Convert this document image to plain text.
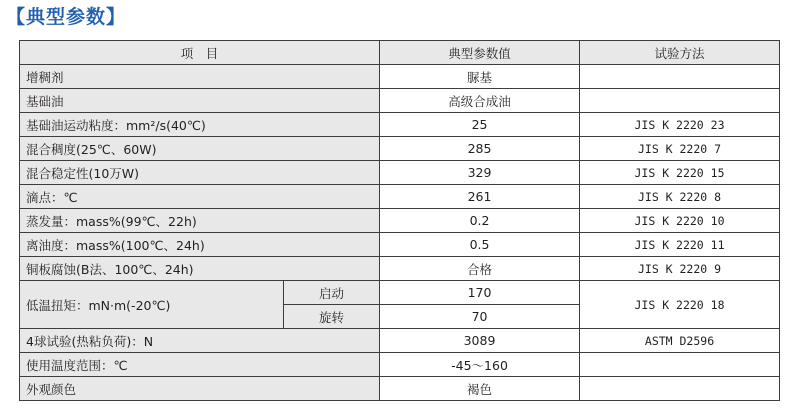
【典型参数】
项　目		典型参数值	试验方法
增稠剂		脲基	
基础油		高级合成油	
基础油运动粘度：mm²/s(40℃)		25	JIS K 2220 23
混合稠度(25℃、60W)		285	JIS K 2220 7
混合稳定性(10万W)		329	JIS K 2220 15
滴点：℃		261	JIS K 2220 8
蒸发量：mass%(99℃、22h)		0.2	JIS K 2220 10
离油度：mass%(100℃、24h)		0.5	JIS K 2220 11
铜板腐蚀(B法、100℃、24h)		合格	JIS K 2220 9
低温扭矩：mN·m(-20℃)	启动	170	JIS K 2220 18
	旋转	70	
4球试验(热粘负荷)：N		3089	ASTM D2596
使用温度范围：℃		-45～160	
外观颜色		褐色	
